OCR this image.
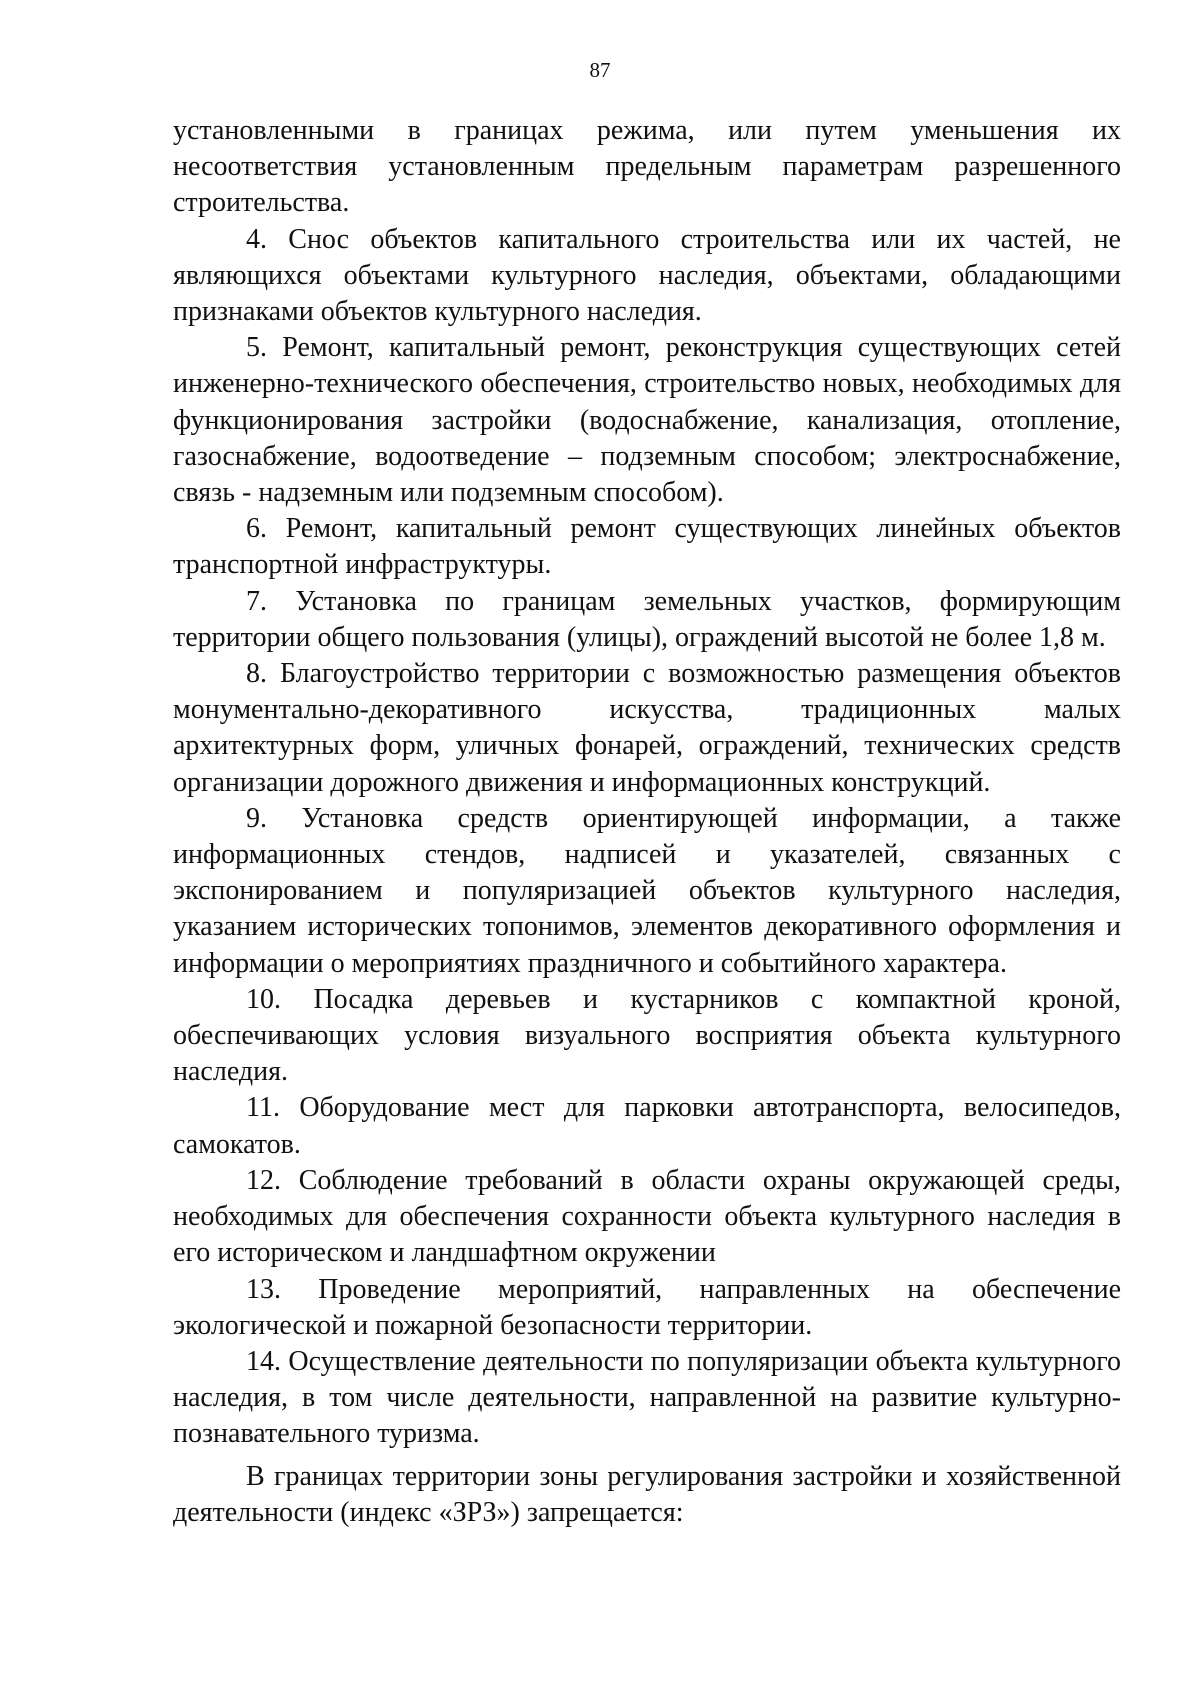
87

установленными в границах режима, или путем уменьшения их несоответствия установленным предельным параметрам разрешенного строительства.

4. Снос объектов капитального строительства или их частей, не являющихся объектами культурного наследия, объектами, обладающими признаками объектов культурного наследия.

5. Ремонт, капитальный ремонт, реконструкция существующих сетей инженерно-технического обеспечения, строительство новых, необходимых для функционирования застройки (водоснабжение, канализация, отопление, газоснабжение, водоотведение – подземным способом; электроснабжение, связь - надземным или подземным способом).

6. Ремонт, капитальный ремонт существующих линейных объектов транспортной инфраструктуры.

7. Установка по границам земельных участков, формирующим территории общего пользования (улицы), ограждений высотой не более 1,8 м.

8. Благоустройство территории с возможностью размещения объектов монументально-декоративного искусства, традиционных малых архитектурных форм, уличных фонарей, ограждений, технических средств организации дорожного движения и информационных конструкций.

9. Установка средств ориентирующей информации, а также информационных стендов, надписей и указателей, связанных с экспонированием и популяризацией объектов культурного наследия, указанием исторических топонимов, элементов декоративного оформления и информации о мероприятиях праздничного и событийного характера.

10. Посадка деревьев и кустарников с компактной кроной, обеспечивающих условия визуального восприятия объекта культурного наследия.

11. Оборудование мест для парковки автотранспорта, велосипедов, самокатов.

12. Соблюдение требований в области охраны окружающей среды, необходимых для обеспечения сохранности объекта культурного наследия в его историческом и ландшафтном окружении

13. Проведение мероприятий, направленных на обеспечение экологической и пожарной безопасности территории.

14. Осуществление деятельности по популяризации объекта культурного наследия, в том числе деятельности, направленной на развитие культурно-познавательного туризма.

В границах территории зоны регулирования застройки и хозяйственной деятельности (индекс «ЗРЗ») запрещается:
